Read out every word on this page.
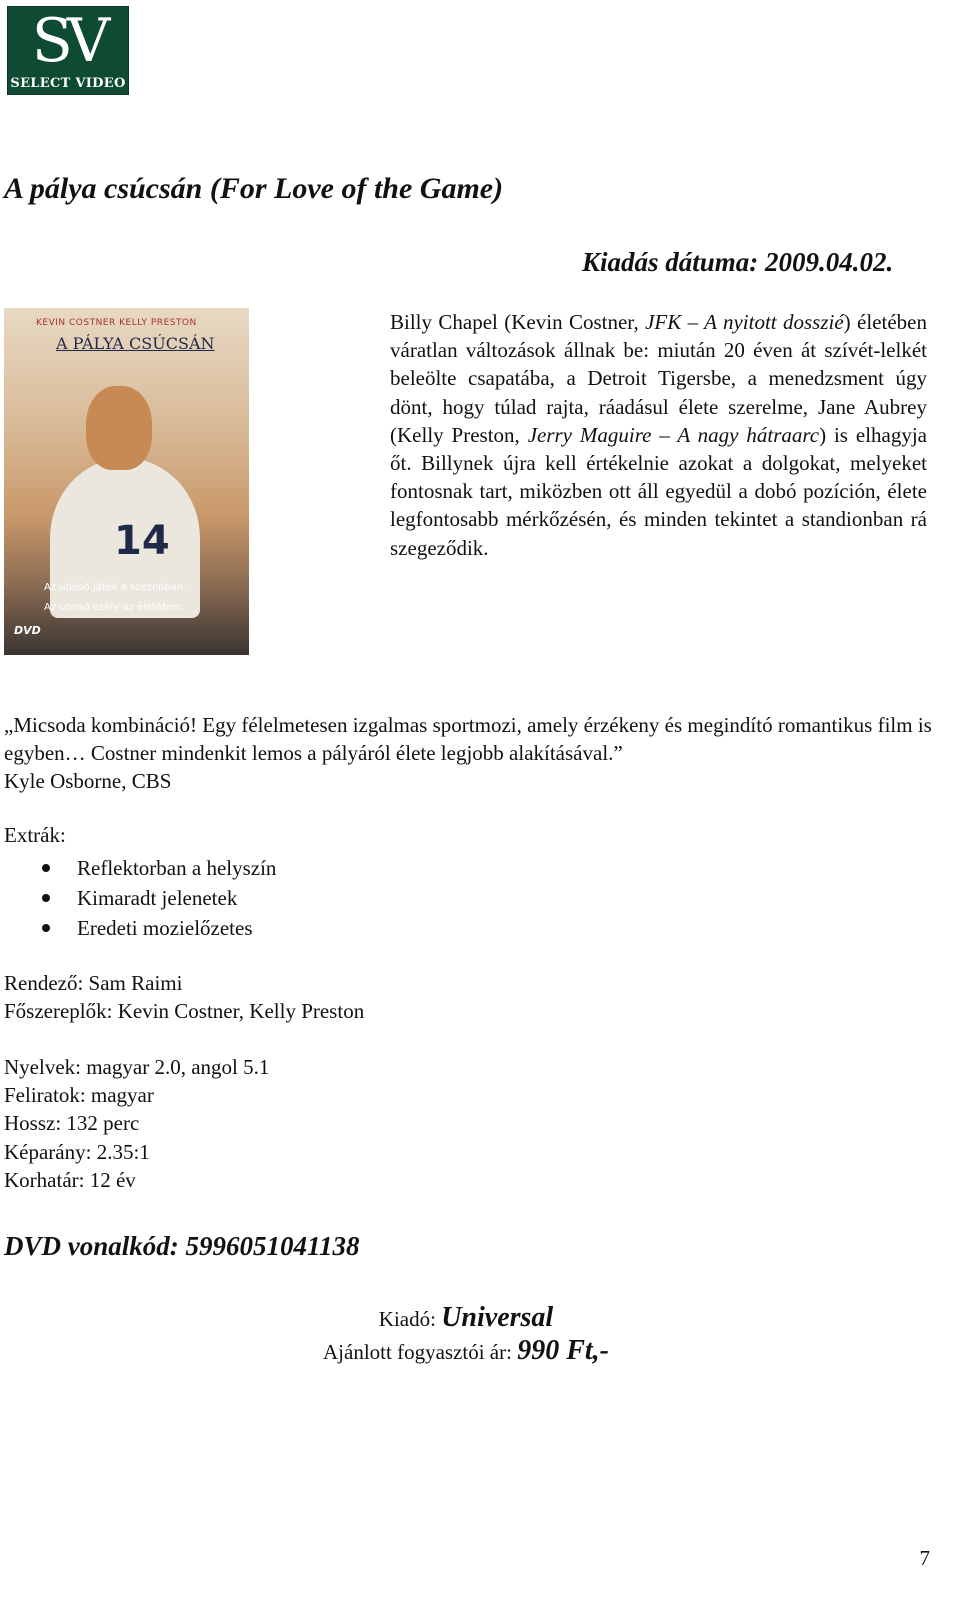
SV
SELECT VIDEO
A pálya csúcsán (For Love of the Game)
Kiadás dátuma: 2009.04.02.
KEVIN COSTNER KELLY PRESTON
A PÁLYA CSÚCSÁN
14
Az utolsó játék a szezonban.
Az utolsó esély az életében.
DVD
Billy Chapel (Kevin Costner, JFK – A nyitott dosszié) életében váratlan változások állnak be: miután 20 éven át szívét-lelkét beleölte csapatába, a Detroit Tigersbe, a menedzsment úgy dönt, hogy túlad rajta, ráadásul élete szerelme, Jane Aubrey (Kelly Preston, Jerry Maguire – A nagy hátraarc) is elhagyja őt. Billynek újra kell értékelnie azokat a dolgokat, melyeket fontosnak tart, miközben ott áll egyedül a dobó pozíción, élete legfontosabb mérkőzésén, és minden tekintet a standionban rá szegeződik.
„Micsoda kombináció! Egy félelmetesen izgalmas sportmozi, amely érzékeny és megindító romantikus film is egyben… Costner mindenkit lemos a pályáról élete legjobb alakításával.”
Kyle Osborne, CBS
Extrák:
Reflektorban a helyszín
Kimaradt jelenetek
Eredeti mozielőzetes
Rendező: Sam Raimi
Főszereplők: Kevin Costner, Kelly Preston
Nyelvek: magyar 2.0, angol 5.1
Feliratok: magyar
Hossz: 132 perc
Képarány: 2.35:1
Korhatár: 12 év
DVD vonalkód: 5996051041138
Kiadó: Universal
Ajánlott fogyasztói ár: 990 Ft,-
7
